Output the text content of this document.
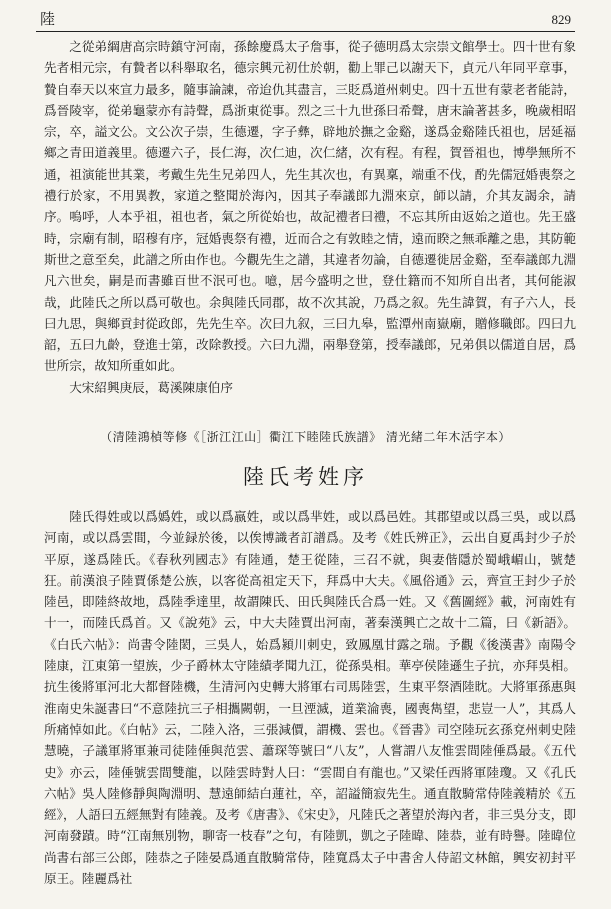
陸	829

之從弟綱唐高宗時鎮守河南，孫餘慶爲太子詹事，從子德明爲太宗崇文館學士。四十世有象先者相元宗，有贄者以科舉取名，德宗興元初仕於朝，勸上罪己以謝天下，貞元八年同平章事，贄自奉天以來宣力最多，隨事論諫，帝迨仇其盡言，三貶爲道州刺史。四十五世有蒙老者能詩，爲晉陵宰，從弟龜蒙亦有詩聲，爲浙東從事。烈之三十九世孫曰希聲，唐末論著甚多，晚歲相昭宗，卒，謚文公。文公次子崇，生德遷，字子彝，辟地於撫之金谿，遂爲金谿陸氏祖也，居延福鄉之青田道義里。德遷六子，長仁海，次仁迪，次仁緒，次有程。有程，賀晉祖也，博學無所不通，祖演能世其業，考戴生先生兄弟四人，先生其次也，有異稟，端重不伐，酌先儒冠婚喪祭之禮行於家，不用異教，家道之整聞於海內，因其子奉議郎九淵來京，師以請，介其友謁余，請序。嗚呼，人本乎祖，祖也者，氣之所從始也，故記禮者曰禮，不忘其所由返始之道也。先王盛時，宗廟有制，昭穆有序，冠婚喪祭有禮，近而合之有敦睦之情，遠而睽之無乖離之患，其防範斯世之意至矣，此譜之所由作也。今觀先生之譜，其違者勿論，自德遷徙居金谿，至奉議郎九淵凡六世矣，嗣是而書雖百世不泯可也。噫，居今盛明之世，登仕籍而不知所自出者，其何能淑哉，此陸氏之所以爲可敬也。余與陸氏同郡，故不次其說，乃爲之叙。先生諱賀，有子六人，長曰九思，與鄉貢封從政郎，先先生卒。次曰九叙，三曰九皋，監潭州南嶽廟，贈修職郎。四曰九韶，五曰九齡，登進士第，改除教授。六曰九淵，兩舉登第，授奉議郎，兄弟俱以儒道自居，爲世所宗，故知所重如此。

大宋紹興庚辰，葛溪陳康伯序

（清陸鴻楨等修《［浙江江山］衢江下睦陸氏族譜》 清光緒二年木活字本）
陸氏考姓序

陸氏得姓或以爲嬀姓，或以爲嬴姓，或以爲芈姓，或以爲邑姓。其郡望或以爲三吳，或以爲河南，或以爲雲間，今並録於後，以俟博識者訂譜爲。及考《姓氏辨正》，云出自夏禹封少子於平原，遂爲陸氏。《春秋列國志》有陸通，楚王從陸，三召不就，與妻偕隱於蜀峨嵋山，號楚狂。前漢浪子陸賈係楚公族，以客從高祖定天下，拜爲中大夫。《風俗通》云，齊宣王封少子於陸邑，即陸終故地，爲陸季達里，故謂陳氏、田氏與陸氏合爲一姓。又《舊圖經》載，河南姓有十一，而陸氏爲首。又《說苑》云，中大夫陸賈出河南，著秦漢興亡之故十二篇，曰《新語》。《白氏六帖》：尚書令陸閎，三吳人，始爲潁川刺史，致鳳凰甘露之瑞。予觀《後漢書》南陽令陸康，江東第一望族，少子爵林太守陸績孝聞九江，從孫吳相。華亭侯陸遜生子抗，亦拜吳相。抗生後將軍河北大都督陸機，生清河內史轉大將軍右司馬陸雲，生東平祭酒陸眈。大將軍孫惠與淮南史朱誕書曰“不意陸抗三子相攜闕朝，一旦湮滅，道業淪喪，國喪雋望，悲豈一人”，其爲人所痛悼如此。《白帖》云，二陸入洛，三張減價，謂機、雲也。《晉書》司空陸玩玄孫兗州刺史陸慧曉，子議軍將軍兼司徒陸倕與范雲、蕭琛等號曰“八友”，人嘗謂八友惟雲間陸倕爲最。《五代史》亦云，陸倕號雲間雙龍，以陸雲時對人曰：“雲間自有龍也。”又梁任西將軍陸瓊。又《孔氏六帖》吳人陸修靜與陶淵明、慧遠師結白蓮社，卒，詔謚簡寂先生。通直散騎常侍陸義精於《五經》，人語曰五經無對有陸義。及考《唐書》、《宋史》，凡陸氏之著望於海內者，非三吳分支，即河南發蹟。時“江南無別物，聊寄一枝春”之句，有陸凱，凱之子陸暐、陸恭，並有時譽。陸暐位尚書右部三公郎，陸恭之子陸晏爲通直散騎常侍，陸寬爲太子中書舍人侍詔文林館，興安初封平原王。陸麗爲社
